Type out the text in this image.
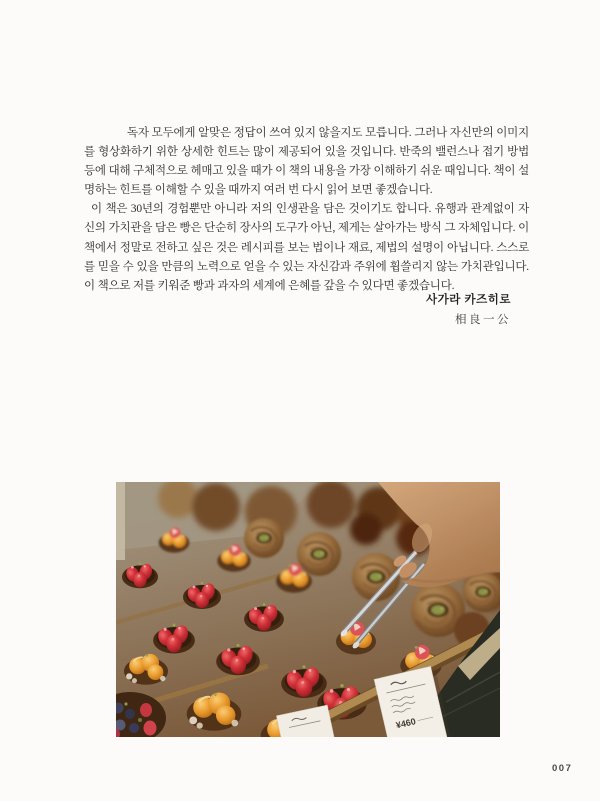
독자 모두에게 알맞은 정답이 쓰여 있지 않을지도 모릅니다. 그러나 자신만의 이미지를 형상화하기 위한 상세한 힌트는 많이 제공되어 있을 것입니다. 반죽의 밸런스나 접기 방법 등에 대해 구체적으로 헤매고 있을 때가 이 책의 내용을 가장 이해하기 쉬운 때입니다. 책이 설명하는 힌트를 이해할 수 있을 때까지 여러 번 다시 읽어 보면 좋겠습니다.

이 책은 30년의 경험뿐만 아니라 저의 인생관을 담은 것이기도 합니다. 유행과 관계없이 자신의 가치관을 담은 빵은 단순히 장사의 도구가 아닌, 제게는 살아가는 방식 그 자체입니다. 이 책에서 정말로 전하고 싶은 것은 레시피를 보는 법이나 재료, 제법의 설명이 아닙니다. 스스로를 믿을 수 있을 만큼의 노력으로 얻을 수 있는 자신감과 주위에 휩쓸리지 않는 가치관입니다. 이 책으로 저를 키워준 빵과 과자의 세계에 은혜를 갚을 수 있다면 좋겠습니다.

사가라 카즈히로

相良一公

¥460
007
